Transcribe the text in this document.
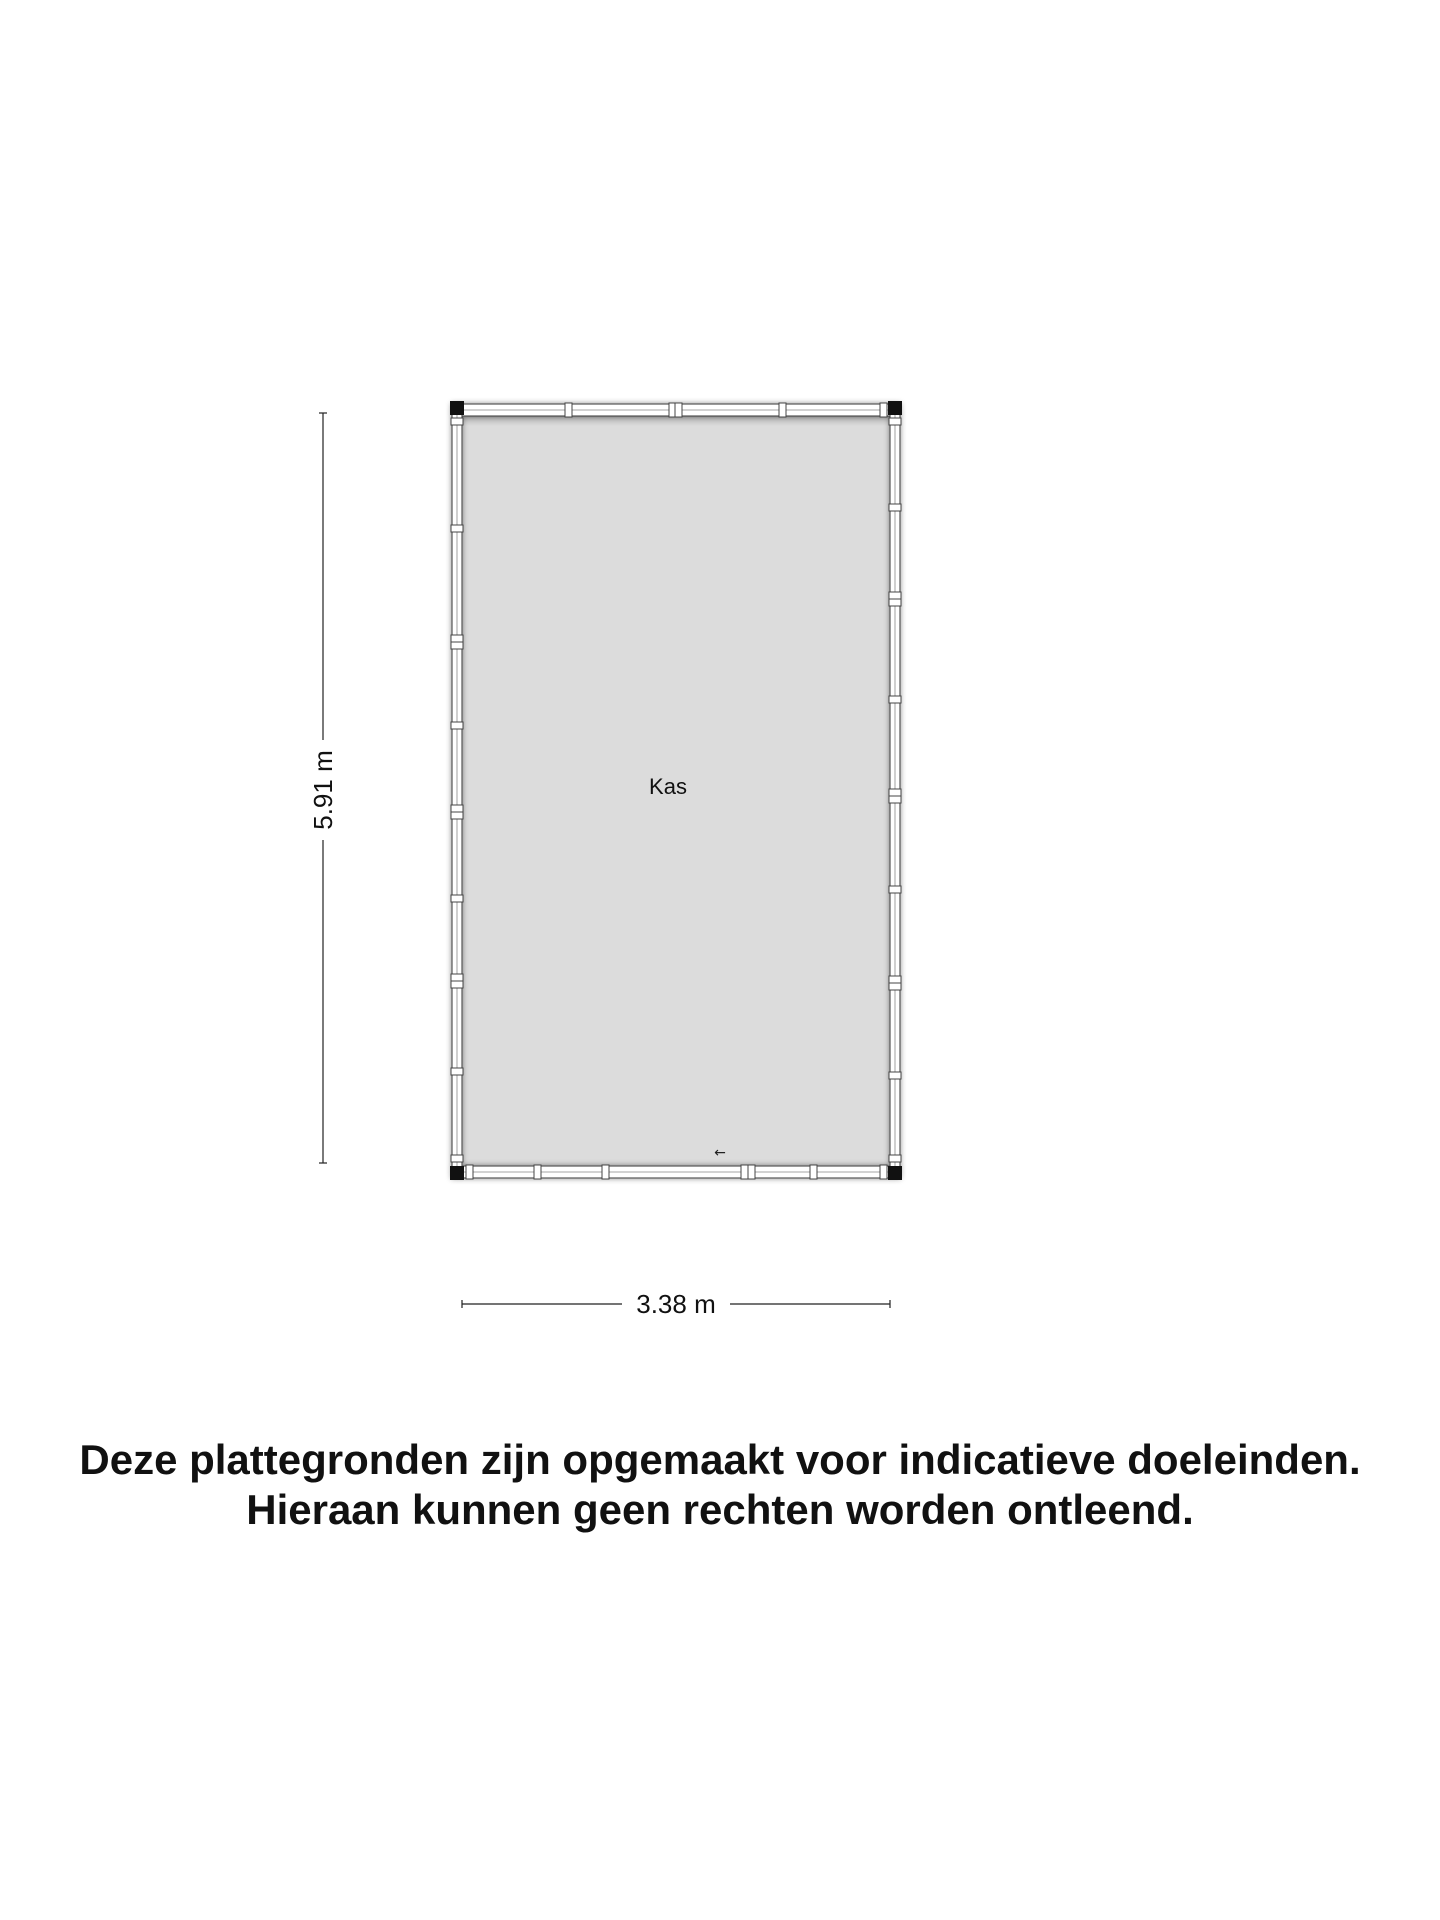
Kas
←
5.91 m
3.38 m

Deze plattegronden zijn opgemaakt voor indicatieve doeleinden.

Hieraan kunnen geen rechten worden ontleend.
